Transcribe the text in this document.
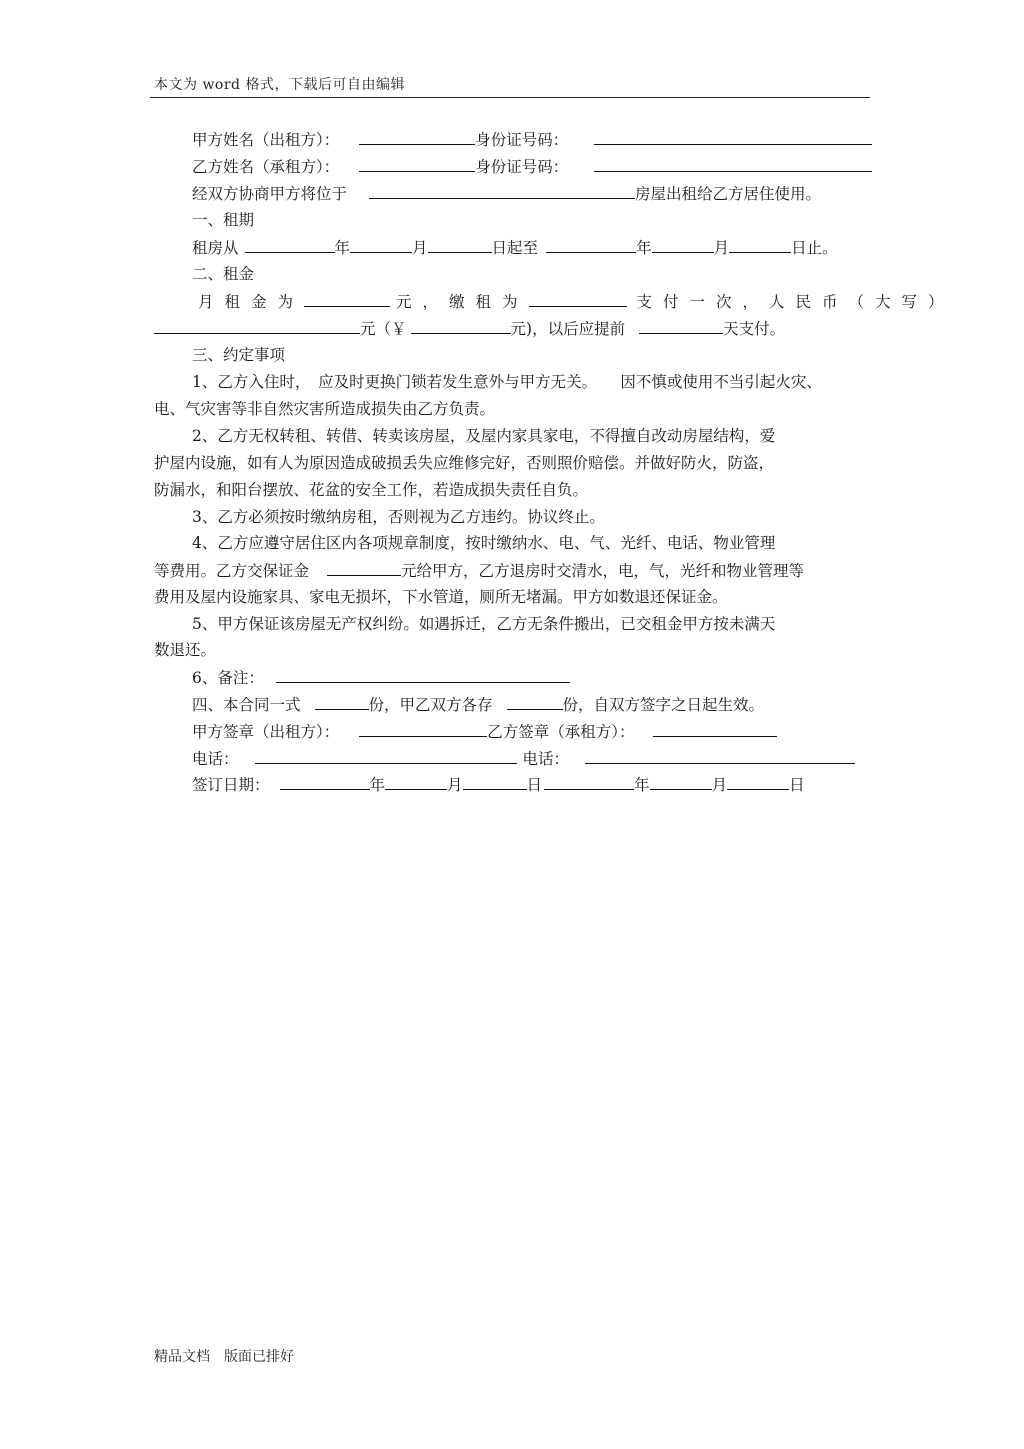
本文为 word 格式，下载后可自由编辑
甲方姓名（出租方）：	身份证号码：
乙方姓名（承租方）：	身份证号码：
经双方协商甲方将位于	房屋出租给乙方居住使用。
一、租期
租房从	年	月	日起至	年	月	日止。
二、租金
月租金为	元，缴租为	支付一次，人民币（大写）
元（￥	元)，以后应提前	天支付。
三、约定事项
1、乙方入住时，　应及时更换门锁若发生意外与甲方无关。　　因不慎或使用不当引起火灾、
电、气灾害等非自然灾害所造成损失由乙方负责。
2、乙方无权转租、转借、转卖该房屋，及屋内家具家电，不得擅自改动房屋结构，爱
护屋内设施，如有人为原因造成破损丢失应维修完好，否则照价赔偿。并做好防火，防盗，
防漏水，和阳台摆放、花盆的安全工作，若造成损失责任自负。
3、乙方必须按时缴纳房租，否则视为乙方违约。协议终止。
4、乙方应遵守居住区内各项规章制度，按时缴纳水、电、气、光纤、电话、物业管理
等费用。乙方交保证金	元给甲方，乙方退房时交清水，电，气，光纤和物业管理等
费用及屋内设施家具、家电无损坏，下水管道，厕所无堵漏。甲方如数退还保证金。
5、甲方保证该房屋无产权纠纷。如遇拆迁，乙方无条件搬出，已交租金甲方按未满天
数退还。
6、备注：
四、本合同一式	份，甲乙双方各存	份，自双方签字之日起生效。
甲方签章（出租方）：	乙方签章（承租方）：
电话：	电话：
签订日期：	年	月	日	年	月	日
精品文档　版面已排好
